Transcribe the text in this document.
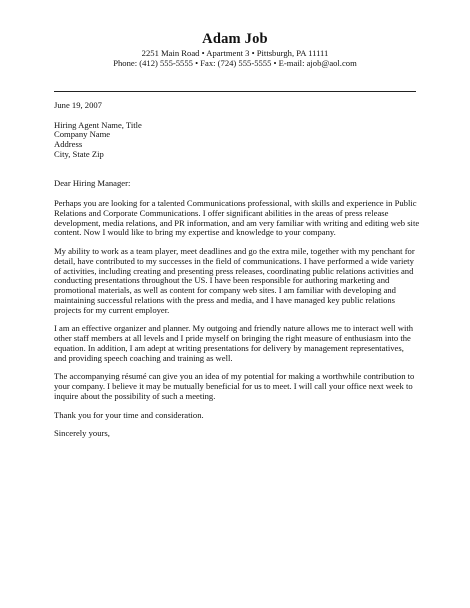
Adam Job
2251 Main Road • Apartment 3 • Pittsburgh, PA 11111
Phone: (412) 555-5555 • Fax: (724) 555-5555 • E-mail: ajob@aol.com
June 19, 2007
Hiring Agent Name, Title
Company Name
Address
City, State Zip
Dear Hiring Manager:
Perhaps you are looking for a talented Communications professional, with skills and experience in Public
Relations and Corporate Communications. I offer significant abilities in the areas of press release
development, media relations, and PR information, and am very familiar with writing and editing web site
content. Now I would like to bring my expertise and knowledge to your company.
My ability to work as a team player, meet deadlines and go the extra mile, together with my penchant for
detail, have contributed to my successes in the field of communications. I have performed a wide variety
of activities, including creating and presenting press releases, coordinating public relations activities and
conducting presentations throughout the US. I have been responsible for authoring marketing and
promotional materials, as well as content for company web sites. I am familiar with developing and
maintaining successful relations with the press and media, and I have managed key public relations
projects for my current employer.
I am an effective organizer and planner. My outgoing and friendly nature allows me to interact well with
other staff members at all levels and I pride myself on bringing the right measure of enthusiasm into the
equation. In addition, I am adept at writing presentations for delivery by management representatives,
and providing speech coaching and training as well.
The accompanying résumé can give you an idea of my potential for making a worthwhile contribution to
your company. I believe it may be mutually beneficial for us to meet. I will call your office next week to
inquire about the possibility of such a meeting.
Thank you for your time and consideration.
Sincerely yours,
